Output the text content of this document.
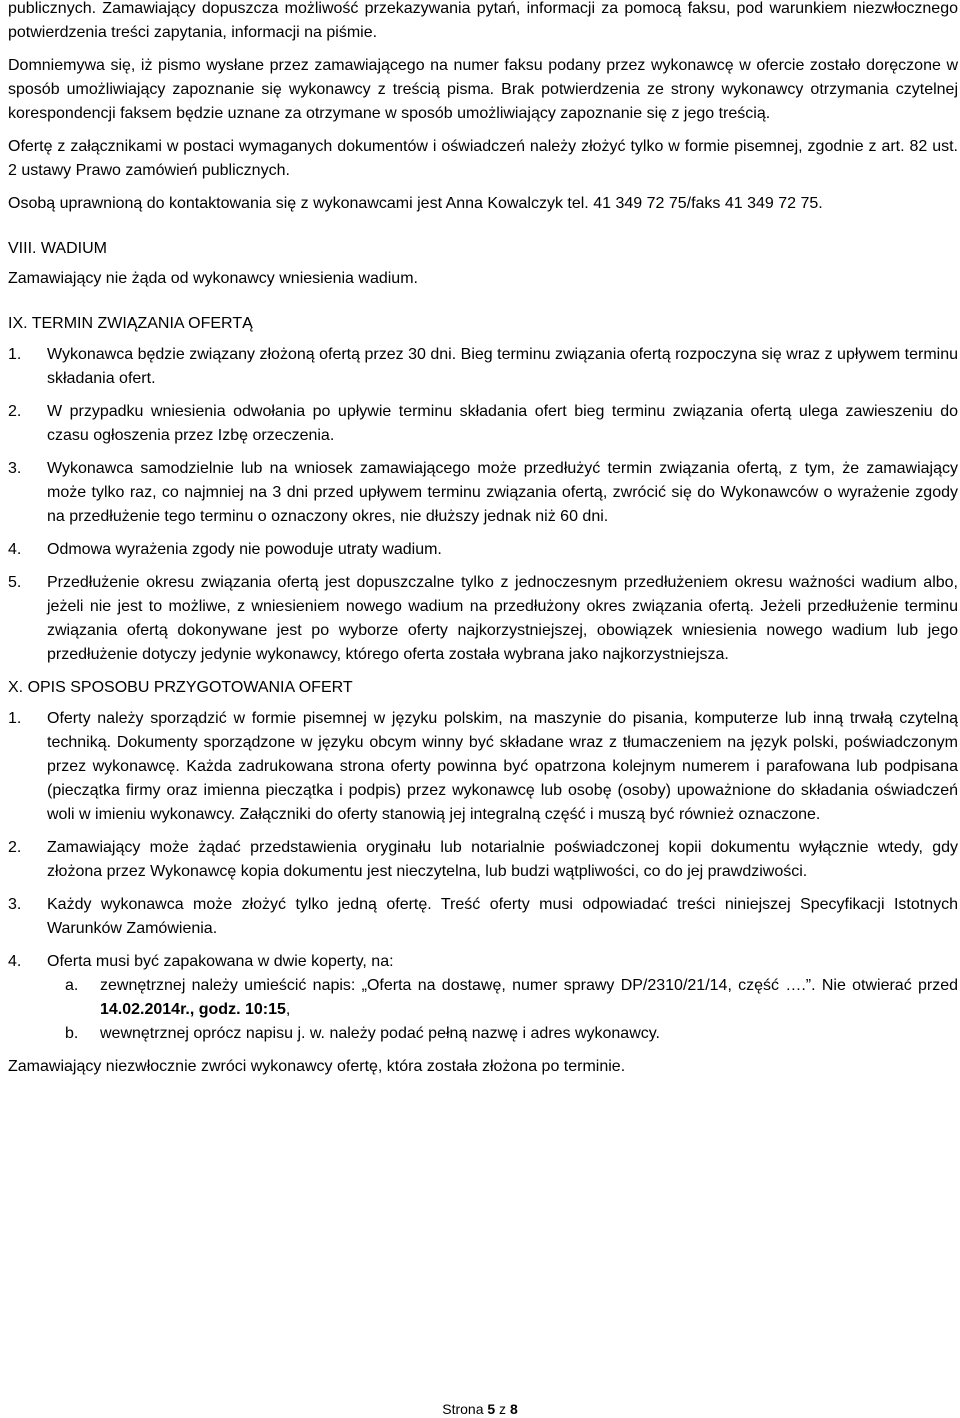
publicznych. Zamawiający dopuszcza możliwość przekazywania pytań, informacji za pomocą faksu, pod warunkiem niezwłocznego potwierdzenia treści zapytania, informacji na piśmie.

Domniemywa się, iż pismo wysłane przez zamawiającego na numer faksu podany przez wykonawcę w ofercie zostało doręczone w sposób umożliwiający zapoznanie się wykonawcy z treścią pisma. Brak potwierdzenia ze strony wykonawcy otrzymania czytelnej korespondencji faksem będzie uznane za otrzymane w sposób umożliwiający zapoznanie się z jego treścią.

Ofertę z załącznikami w postaci wymaganych dokumentów i oświadczeń należy złożyć tylko w formie pisemnej, zgodnie z art. 82 ust. 2 ustawy Prawo zamówień publicznych.

Osobą uprawnioną do kontaktowania się z wykonawcami jest Anna Kowalczyk tel. 41 349 72 75/faks 41 349 72 75.

VIII. WADIUM

Zamawiający nie żąda od wykonawcy wniesienia wadium.

IX. TERMIN ZWIĄZANIA OFERTĄ

1.	Wykonawca będzie związany złożoną ofertą przez 30 dni. Bieg terminu związania ofertą rozpoczyna się wraz z upływem terminu składania ofert.
2.	W przypadku wniesienia odwołania po upływie terminu składania ofert bieg terminu związania ofertą ulega zawieszeniu do czasu ogłoszenia przez Izbę orzeczenia.
3.	Wykonawca samodzielnie lub na wniosek zamawiającego może przedłużyć termin związania ofertą, z tym, że zamawiający może tylko raz, co najmniej na 3 dni przed upływem terminu związania ofertą, zwrócić się do Wykonawców o wyrażenie zgody na przedłużenie tego terminu o oznaczony okres, nie dłuższy jednak niż 60 dni.
4.	Odmowa wyrażenia zgody nie powoduje utraty wadium.
5.	Przedłużenie okresu związania ofertą jest dopuszczalne tylko z jednoczesnym przedłużeniem okresu ważności wadium albo, jeżeli nie jest to możliwe, z wniesieniem nowego wadium na przedłużony okres związania ofertą. Jeżeli przedłużenie terminu związania ofertą dokonywane jest po wyborze oferty najkorzystniejszej, obowiązek wniesienia nowego wadium lub jego przedłużenie dotyczy jedynie wykonawcy, którego oferta została wybrana jako najkorzystniejsza.

X. OPIS SPOSOBU PRZYGOTOWANIA OFERT

1.	Oferty należy sporządzić w formie pisemnej w języku polskim, na maszynie do pisania, komputerze lub inną trwałą czytelną techniką. Dokumenty sporządzone w języku obcym winny być składane wraz z tłumaczeniem na język polski, poświadczonym przez wykonawcę. Każda zadrukowana strona oferty powinna być opatrzona kolejnym numerem i parafowana lub podpisana (pieczątka firmy oraz imienna pieczątka i podpis) przez wykonawcę lub osobę (osoby) upoważnione do składania oświadczeń woli w imieniu wykonawcy. Załączniki do oferty stanowią jej integralną część i muszą być również oznaczone.
2.	Zamawiający może żądać przedstawienia oryginału lub notarialnie poświadczonej kopii dokumentu wyłącznie wtedy, gdy złożona przez Wykonawcę kopia dokumentu jest nieczytelna, lub budzi wątpliwości, co do jej prawdziwości.
3.	Każdy wykonawca może złożyć tylko jedną ofertę. Treść oferty musi odpowiadać treści niniejszej Specyfikacji Istotnych Warunków Zamówienia.
4.	Oferta musi być zapakowana w dwie koperty, na:
a.	zewnętrznej należy umieścić napis: „Oferta na dostawę, numer sprawy DP/2310/21/14, część ….”. Nie otwierać przed 14.02.2014r., godz. 10:15,
b.	wewnętrznej oprócz napisu j. w. należy podać pełną nazwę i adres wykonawcy.

Zamawiający niezwłocznie zwróci wykonawcy ofertę, która została złożona po terminie.

Strona 5 z 8
